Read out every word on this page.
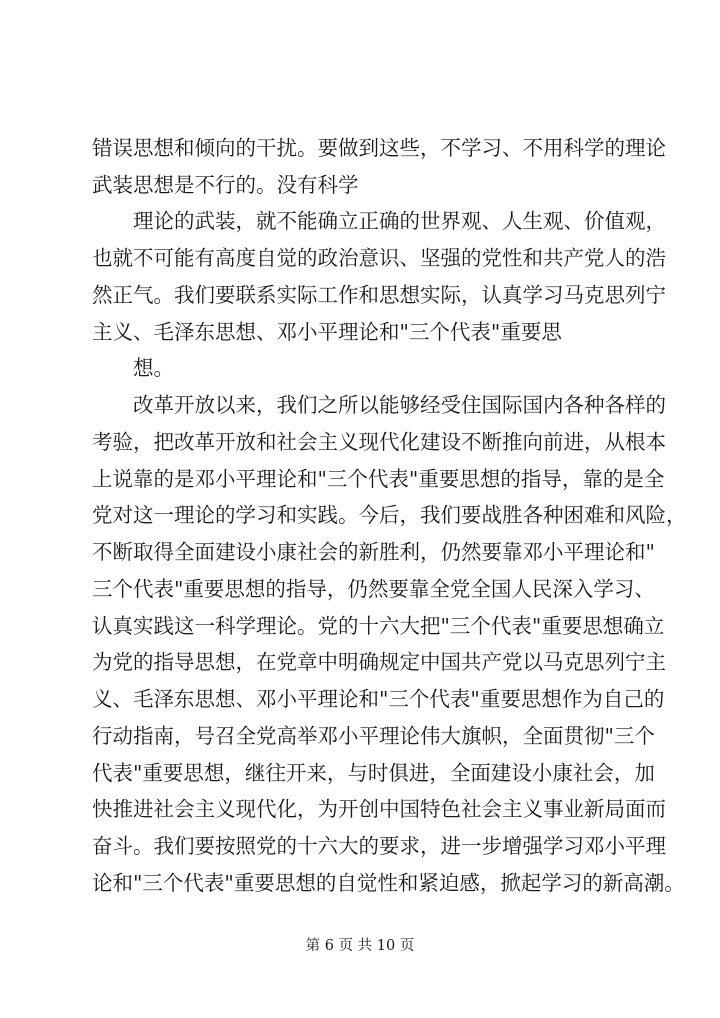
错误思想和倾向的干扰。要做到这些，不学习、不用科学的理论
武装思想是不行的。没有科学
理论的武装，就不能确立正确的世界观、人生观、价值观，
也就不可能有高度自觉的政治意识、坚强的党性和共产党人的浩
然正气。我们要联系实际工作和思想实际，认真学习马克思列宁
主义、毛泽东思想、邓小平理论和"三个代表"重要思
想。
改革开放以来，我们之所以能够经受住国际国内各种各样的
考验，把改革开放和社会主义现代化建设不断推向前进，从根本
上说靠的是邓小平理论和"三个代表"重要思想的指导，靠的是全
党对这一理论的学习和实践。今后，我们要战胜各种困难和风险，
不断取得全面建设小康社会的新胜利，仍然要靠邓小平理论和"
三个代表"重要思想的指导，仍然要靠全党全国人民深入学习、
认真实践这一科学理论。党的十六大把"三个代表"重要思想确立
为党的指导思想，在党章中明确规定中国共产党以马克思列宁主
义、毛泽东思想、邓小平理论和"三个代表"重要思想作为自己的
行动指南，号召全党高举邓小平理论伟大旗帜，全面贯彻"三个
代表"重要思想，继往开来，与时俱进，全面建设小康社会，加
快推进社会主义现代化，为开创中国特色社会主义事业新局面而
奋斗。我们要按照党的十六大的要求，进一步增强学习邓小平理
论和"三个代表"重要思想的自觉性和紧迫感，掀起学习的新高潮。
第 6 页 共 10 页
